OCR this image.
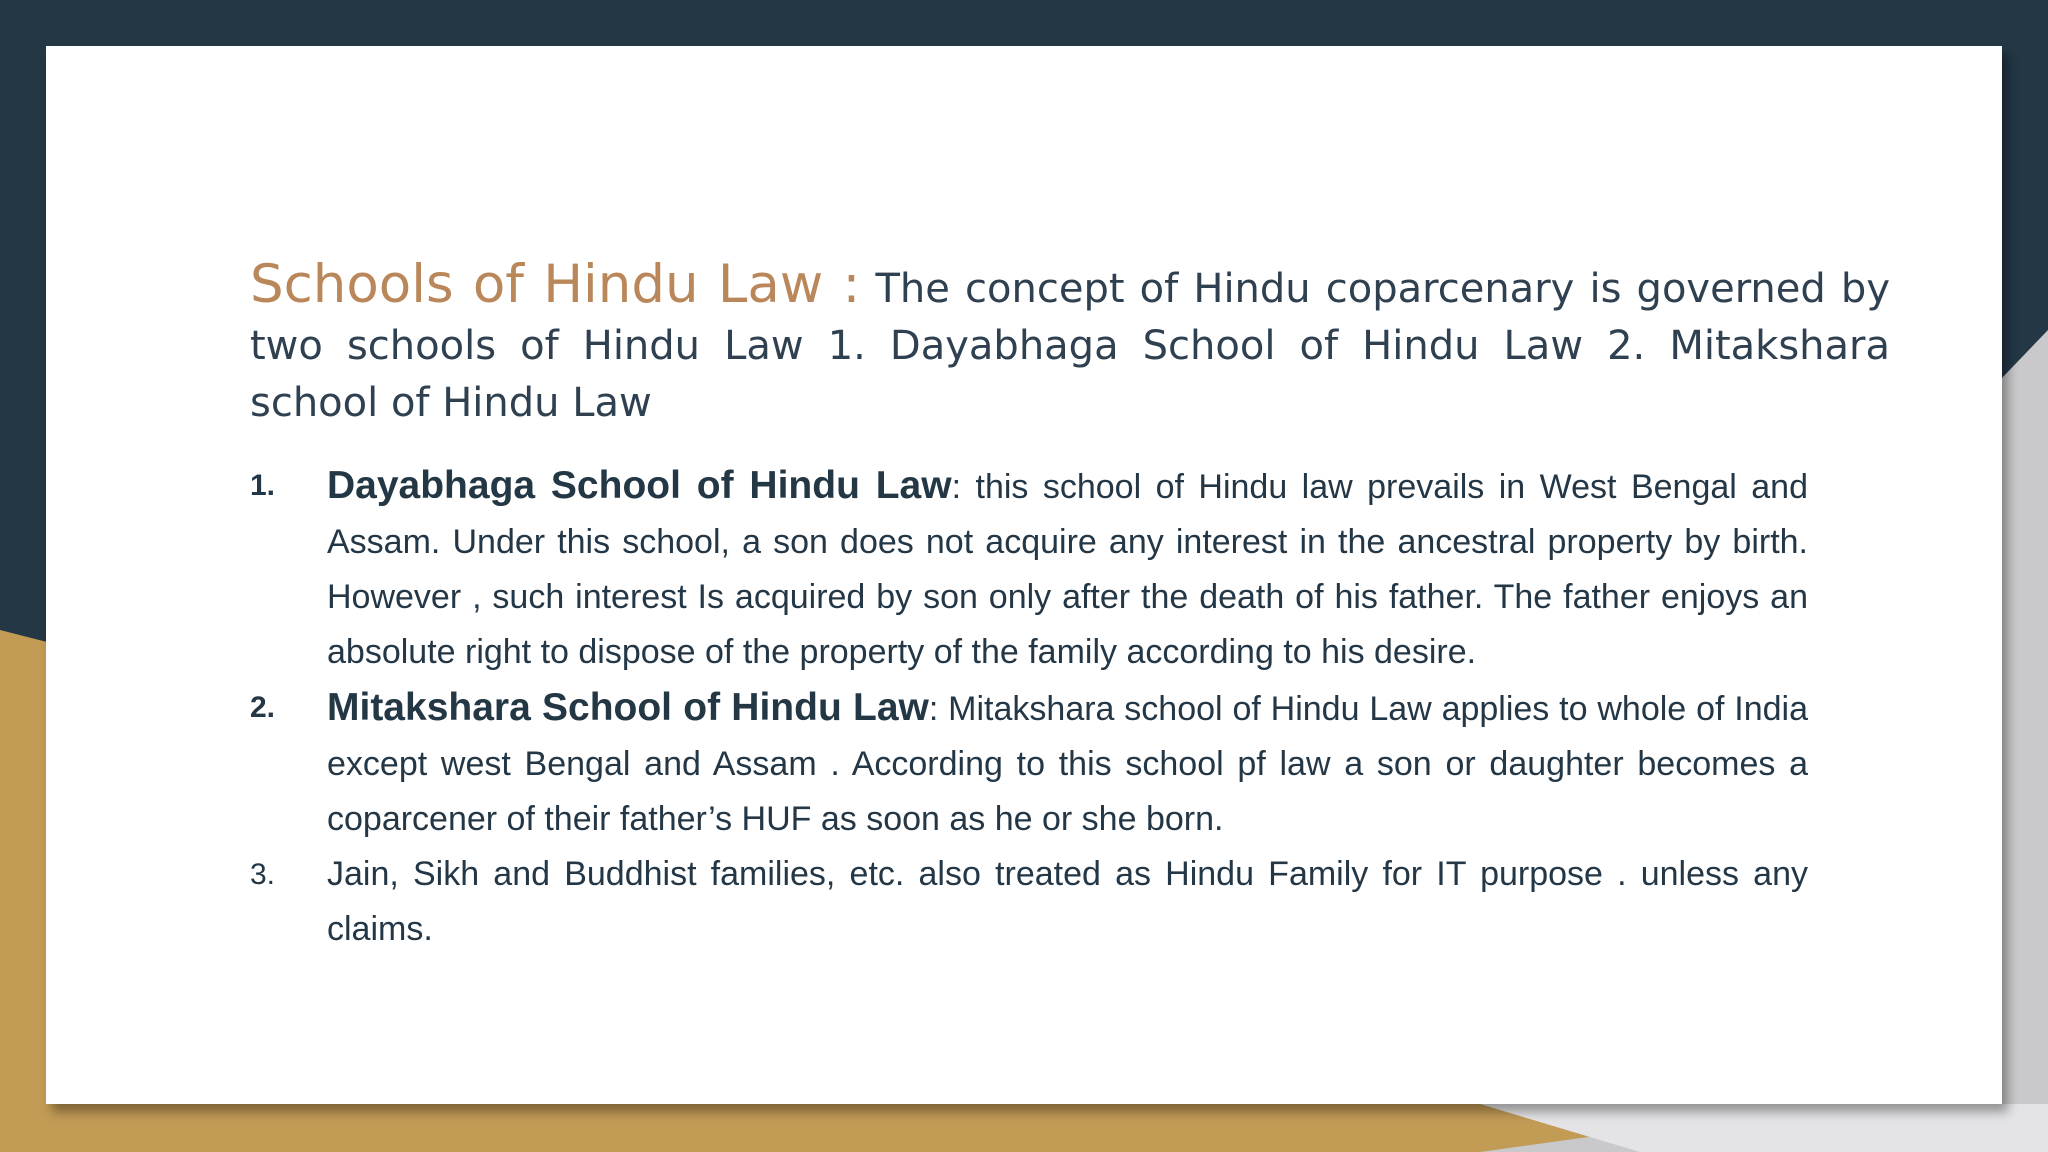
Schools of Hindu Law : The concept of Hindu coparcenary is governed by two schools of Hindu Law 1. Dayabhaga School of Hindu Law 2. Mitakshara school of Hindu Law

1. Dayabhaga School of Hindu Law: this school of Hindu law prevails in West Bengal and Assam. Under this school, a son does not acquire any interest in the ancestral property by birth. However , such interest Is acquired by son only after the death of his father. The father enjoys an absolute right to dispose of the property of the family according to his desire.
2. Mitakshara School of Hindu Law: Mitakshara school of Hindu Law applies to whole of India except west Bengal and Assam . According to this school pf law a son or daughter becomes a coparcener of their father’s HUF as soon as he or she born.
3. Jain, Sikh and Buddhist families, etc. also treated as Hindu Family for IT purpose . unless any claims.
